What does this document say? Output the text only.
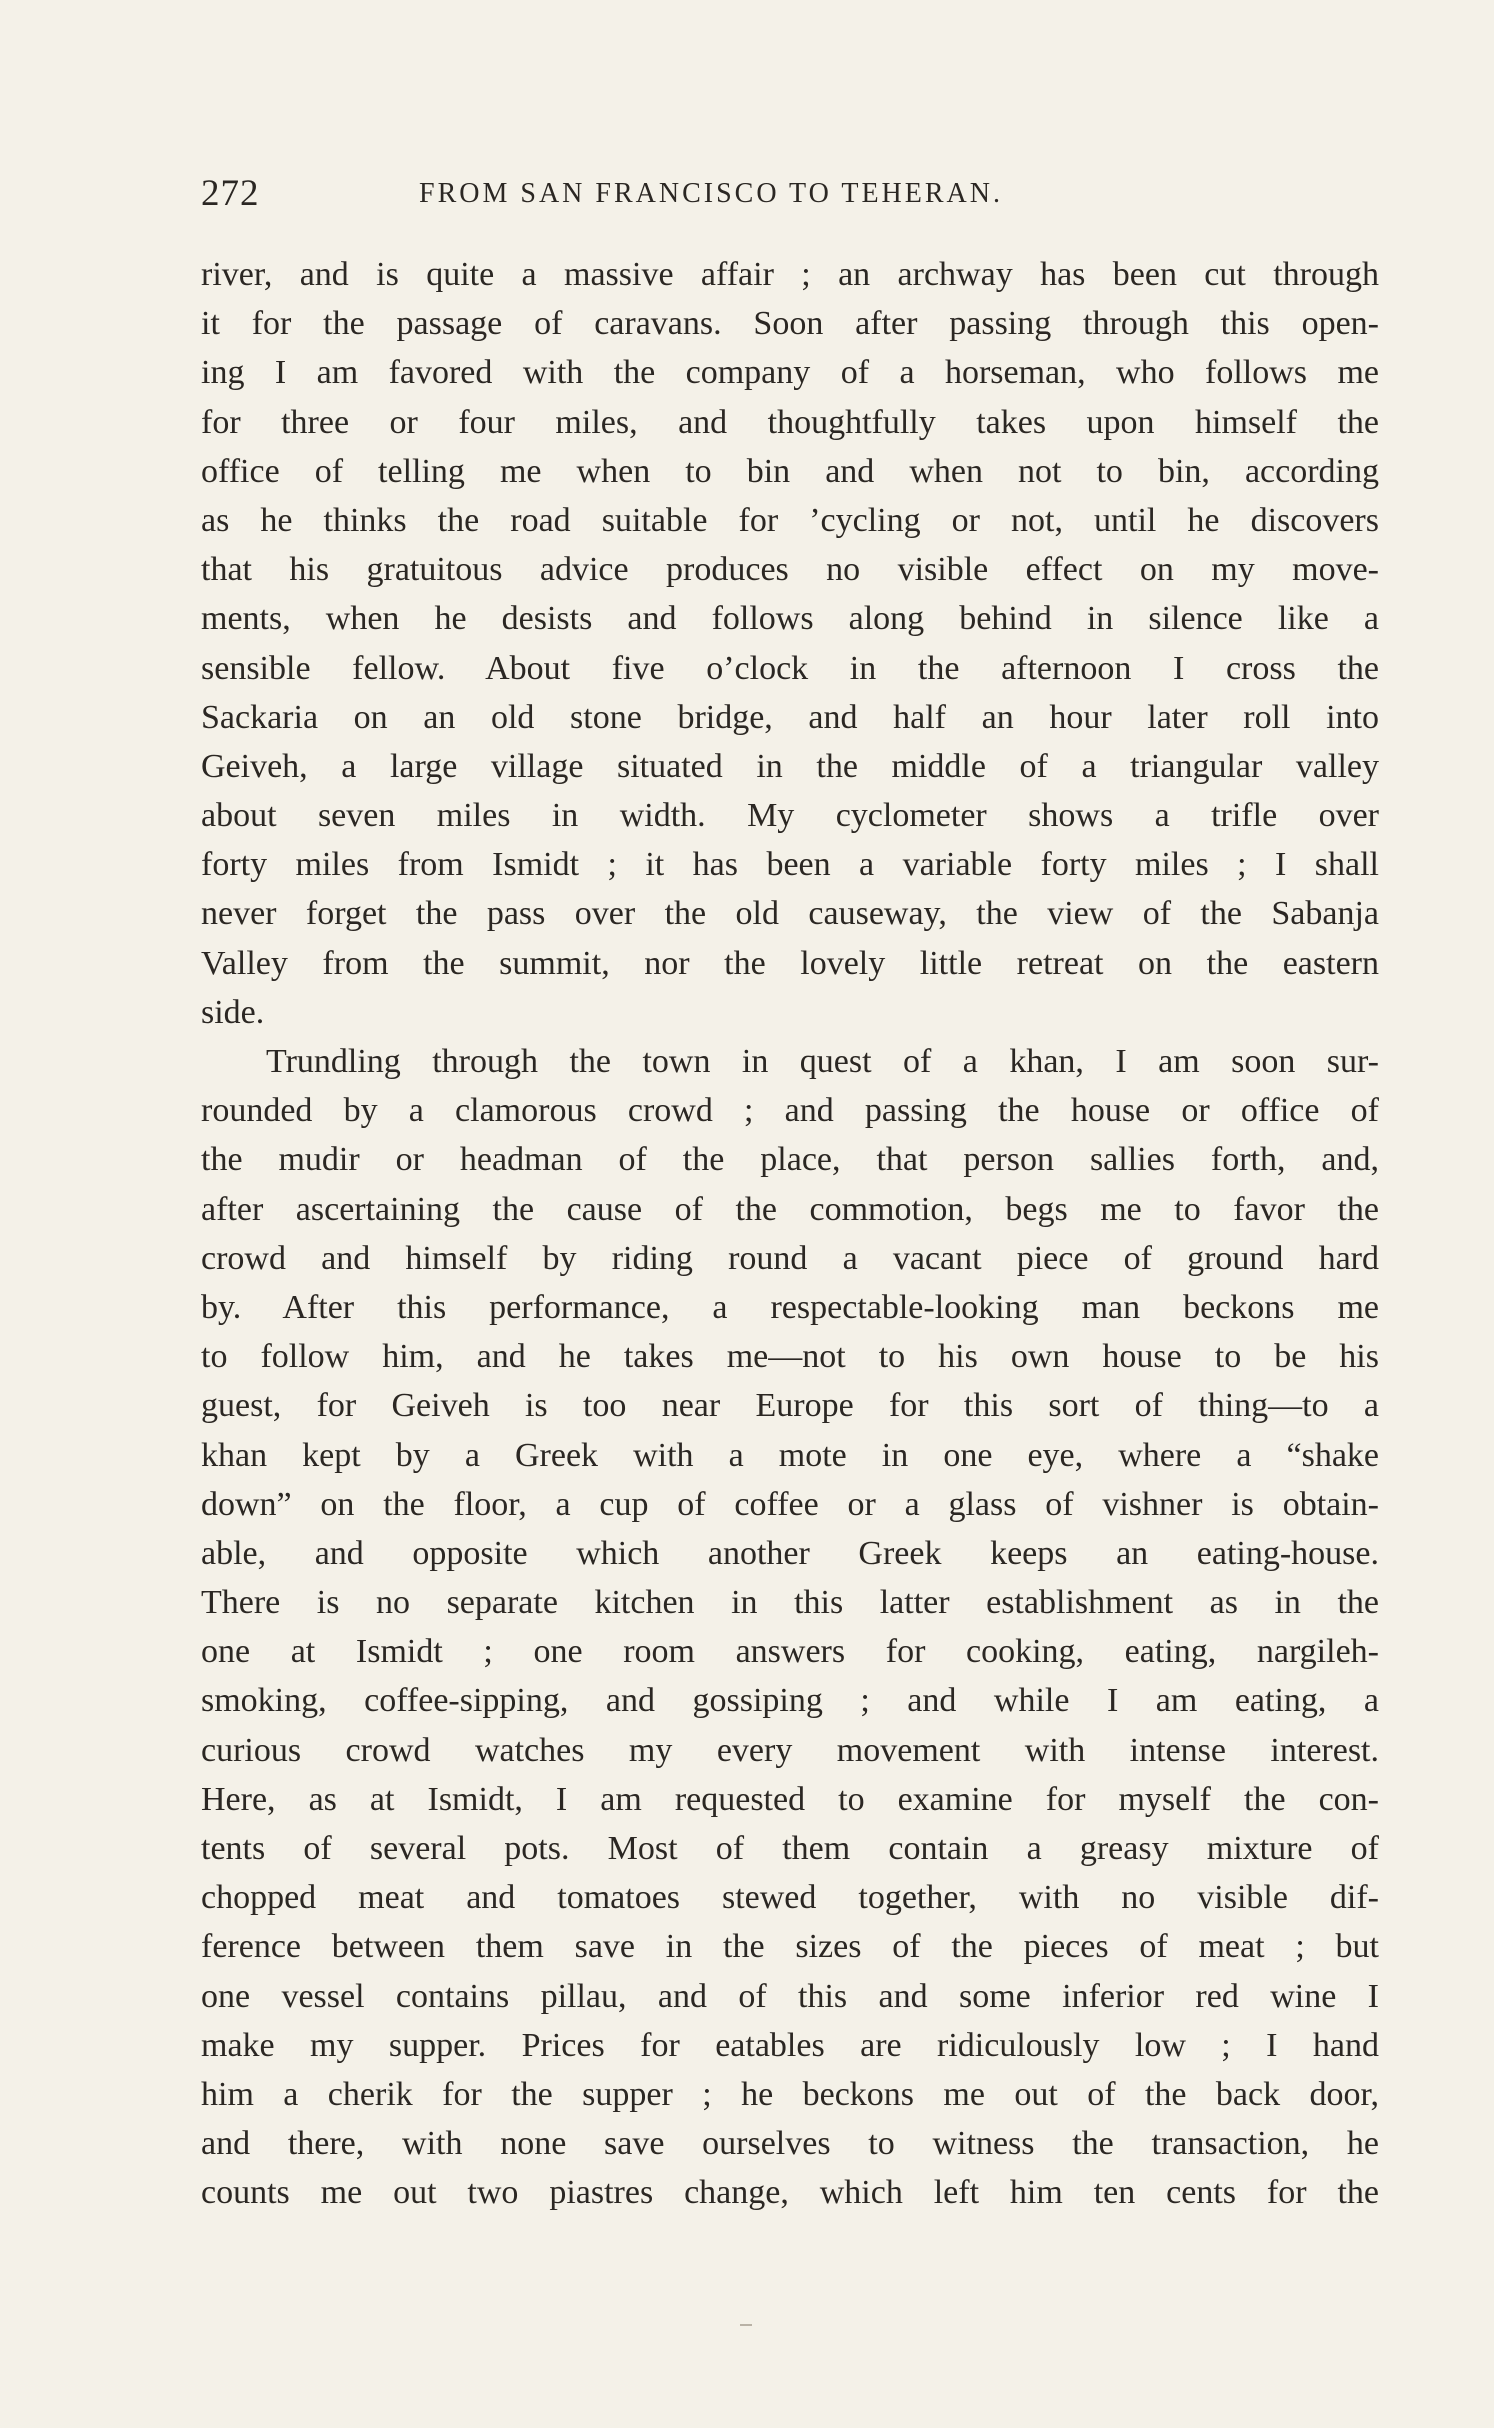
272	FROM SAN FRANCISCO TO TEHERAN.
river, and is quite a massive affair ; an archway has been cut through
it for the passage of caravans. Soon after passing through this open-
ing I am favored with the company of a horseman, who follows me
for three or four miles, and thoughtfully takes upon himself the
office of telling me when to bin and when not to bin, according
as he thinks the road suitable for ’cycling or not, until he discovers
that his gratuitous advice produces no visible effect on my move-
ments, when he desists and follows along behind in silence like a
sensible fellow. About five o’clock in the afternoon I cross the
Sackaria on an old stone bridge, and half an hour later roll into
Geiveh, a large village situated in the middle of a triangular valley
about seven miles in width. My cyclometer shows a trifle over
forty miles from Ismidt ; it has been a variable forty miles ; I shall
never forget the pass over the old causeway, the view of the Sabanja
Valley from the summit, nor the lovely little retreat on the eastern
side.
Trundling through the town in quest of a khan, I am soon sur-
rounded by a clamorous crowd ; and passing the house or office of
the mudir or headman of the place, that person sallies forth, and,
after ascertaining the cause of the commotion, begs me to favor the
crowd and himself by riding round a vacant piece of ground hard
by. After this performance, a respectable-looking man beckons me
to follow him, and he takes me—not to his own house to be his
guest, for Geiveh is too near Europe for this sort of thing—to a
khan kept by a Greek with a mote in one eye, where a “shake
down” on the floor, a cup of coffee or a glass of vishner is obtain-
able, and opposite which another Greek keeps an eating-house.
There is no separate kitchen in this latter establishment as in the
one at Ismidt ; one room answers for cooking, eating, nargileh-
smoking, coffee-sipping, and gossiping ; and while I am eating, a
curious crowd watches my every movement with intense interest.
Here, as at Ismidt, I am requested to examine for myself the con-
tents of several pots. Most of them contain a greasy mixture of
chopped meat and tomatoes stewed together, with no visible dif-
ference between them save in the sizes of the pieces of meat ; but
one vessel contains pillau, and of this and some inferior red wine I
make my supper. Prices for eatables are ridiculously low ; I hand
him a cherik for the supper ; he beckons me out of the back door,
and there, with none save ourselves to witness the transaction, he
counts me out two piastres change, which left him ten cents for the
